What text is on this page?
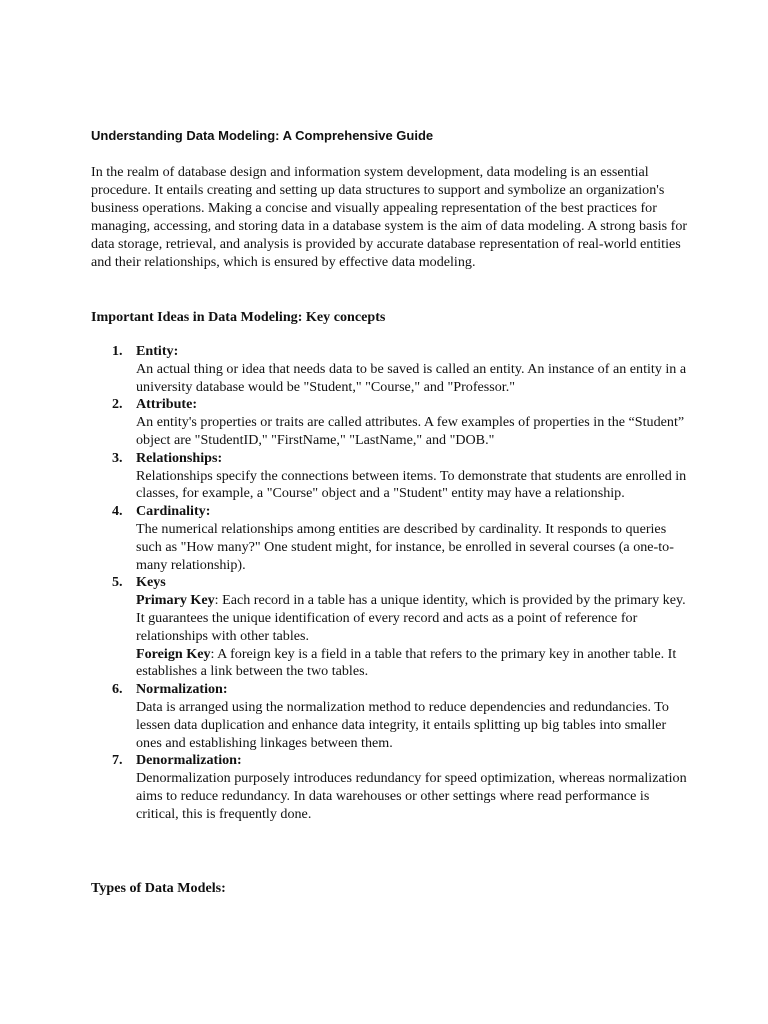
Understanding Data Modeling: A Comprehensive Guide

In the realm of database design and information system development, data modeling is an essential procedure. It entails creating and setting up data structures to support and symbolize an organization's business operations. Making a concise and visually appealing representation of the best practices for managing, accessing, and storing data in a database system is the aim of data modeling. A strong basis for data storage, retrieval, and analysis is provided by accurate database representation of real-world entities and their relationships, which is ensured by effective data modeling.

Important Ideas in Data Modeling: Key concepts
1. Entity:
An actual thing or idea that needs data to be saved is called an entity. An instance of an entity in a university database would be "Student," "Course," and "Professor."
2. Attribute:
An entity's properties or traits are called attributes. A few examples of properties in the “Student” object are "StudentID," "FirstName," "LastName," and "DOB."
3. Relationships:
Relationships specify the connections between items. To demonstrate that students are enrolled in classes, for example, a "Course" object and a "Student" entity may have a relationship.
4. Cardinality:
The numerical relationships among entities are described by cardinality. It responds to queries such as "How many?" One student might, for instance, be enrolled in several courses (a one-to-many relationship).
5. Keys
Primary Key: Each record in a table has a unique identity, which is provided by the primary key. It guarantees the unique identification of every record and acts as a point of reference for relationships with other tables.
Foreign Key: A foreign key is a field in a table that refers to the primary key in another table. It establishes a link between the two tables.
6. Normalization:
Data is arranged using the normalization method to reduce dependencies and redundancies. To lessen data duplication and enhance data integrity, it entails splitting up big tables into smaller ones and establishing linkages between them.
7. Denormalization:
Denormalization purposely introduces redundancy for speed optimization, whereas normalization aims to reduce redundancy. In data warehouses or other settings where read performance is critical, this is frequently done.
Types of Data Models:
